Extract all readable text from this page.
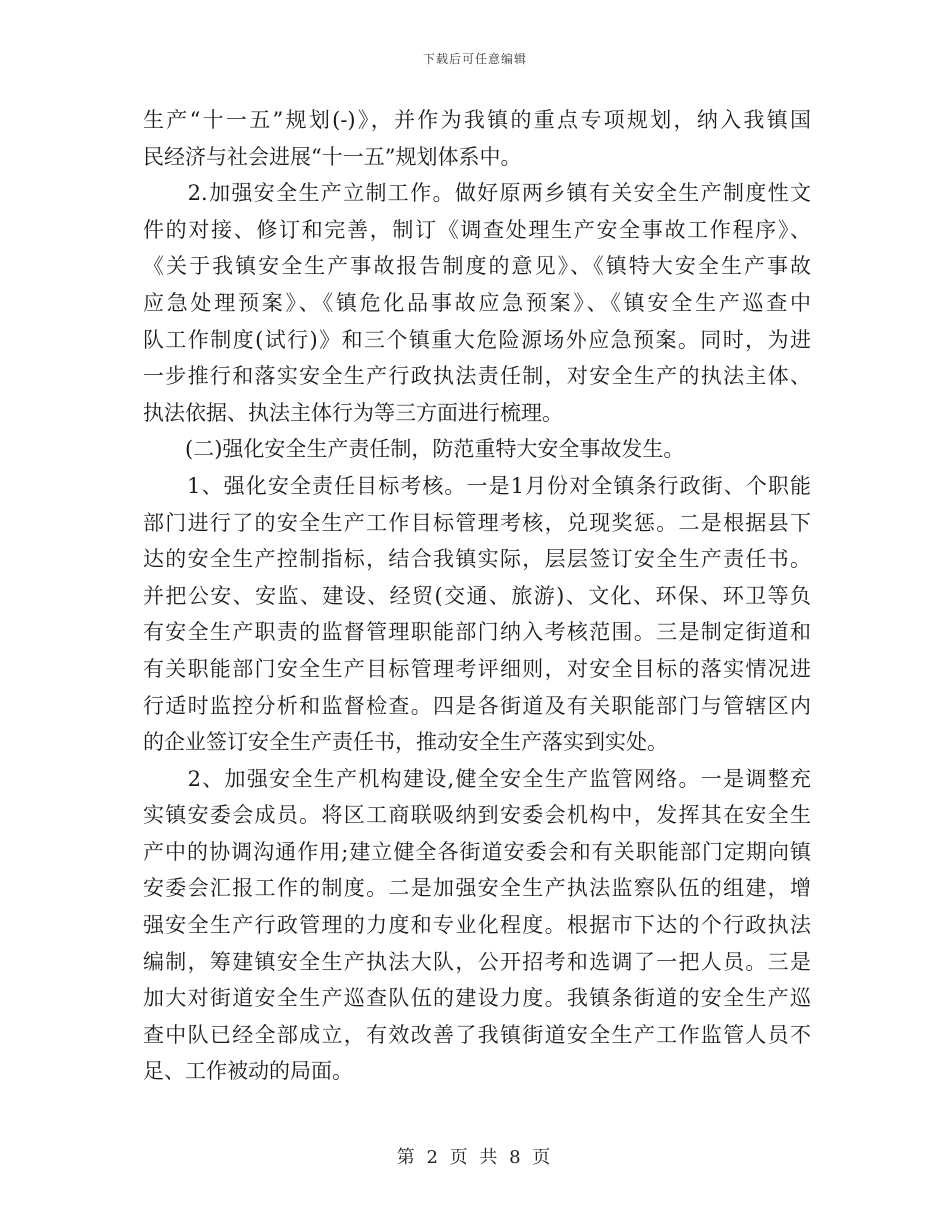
下载后可任意编辑
生产“十一五”规划(-)》，并作为我镇的重点专项规划，纳入我镇国
民经济与社会进展“十一五”规划体系中。
　　2.加强安全生产立制工作。做好原两乡镇有关安全生产制度性文
件的对接、修订和完善，制订《调查处理生产安全事故工作程序》、
《关于我镇安全生产事故报告制度的意见》、《镇特大安全生产事故
应急处理预案》、《镇危化品事故应急预案》、《镇安全生产巡查中
队工作制度(试行)》和三个镇重大危险源场外应急预案。同时，为进
一步推行和落实安全生产行政执法责任制，对安全生产的执法主体、
执法依据、执法主体行为等三方面进行梳理。
　　(二)强化安全生产责任制，防范重特大安全事故发生。
　　1、强化安全责任目标考核。一是1月份对全镇条行政街、个职能
部门进行了的安全生产工作目标管理考核，兑现奖惩。二是根据县下
达的安全生产控制指标，结合我镇实际，层层签订安全生产责任书。
并把公安、安监、建设、经贸(交通、旅游)、文化、环保、环卫等负
有安全生产职责的监督管理职能部门纳入考核范围。三是制定街道和
有关职能部门安全生产目标管理考评细则，对安全目标的落实情况进
行适时监控分析和监督检查。四是各街道及有关职能部门与管辖区内
的企业签订安全生产责任书，推动安全生产落实到实处。
　　2、加强安全生产机构建设,健全安全生产监管网络。一是调整充
实镇安委会成员。将区工商联吸纳到安委会机构中，发挥其在安全生
产中的协调沟通作用;建立健全各街道安委会和有关职能部门定期向镇
安委会汇报工作的制度。二是加强安全生产执法监察队伍的组建，增
强安全生产行政管理的力度和专业化程度。根据市下达的个行政执法
编制，筹建镇安全生产执法大队，公开招考和选调了一把人员。三是
加大对街道安全生产巡查队伍的建设力度。我镇条街道的安全生产巡
查中队已经全部成立，有效改善了我镇街道安全生产工作监管人员不
足、工作被动的局面。
第 2 页 共 8 页
